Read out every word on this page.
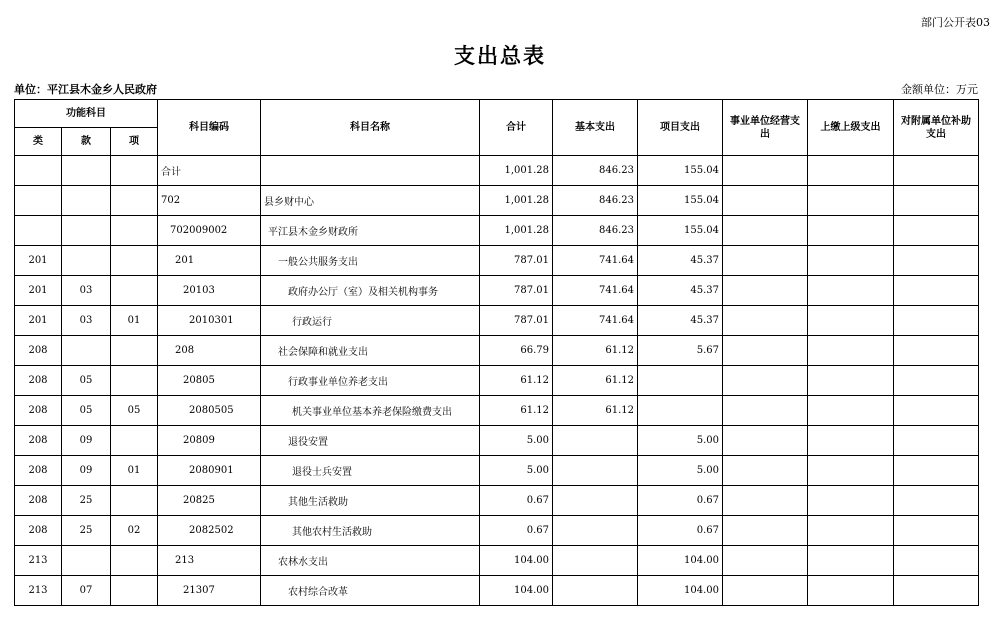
部门公开表03
支出总表
单位：平江县木金乡人民政府	金额单位：万元
功能科目			科目编码	科目名称	合计	基本支出	项目支出	事业单位经营支出	上缴上级支出	对附属单位补助支出
类	款	项								
			合计		1,001.28	846.23	155.04			
			702	县乡财中心	1,001.28	846.23	155.04			
			702009002	平江县木金乡财政所	1,001.28	846.23	155.04			
201			201	一般公共服务支出	787.01	741.64	45.37			
201	03		20103	政府办公厅（室）及相关机构事务	787.01	741.64	45.37			
201	03	01	2010301	行政运行	787.01	741.64	45.37			
208			208	社会保障和就业支出	66.79	61.12	5.67			
208	05		20805	行政事业单位养老支出	61.12	61.12				
208	05	05	2080505	机关事业单位基本养老保险缴费支出	61.12	61.12				
208	09		20809	退役安置	5.00		5.00			
208	09	01	2080901	退役士兵安置	5.00		5.00			
208	25		20825	其他生活救助	0.67		0.67			
208	25	02	2082502	其他农村生活救助	0.67		0.67			
213			213	农林水支出	104.00		104.00			
213	07		21307	农村综合改革	104.00		104.00			
